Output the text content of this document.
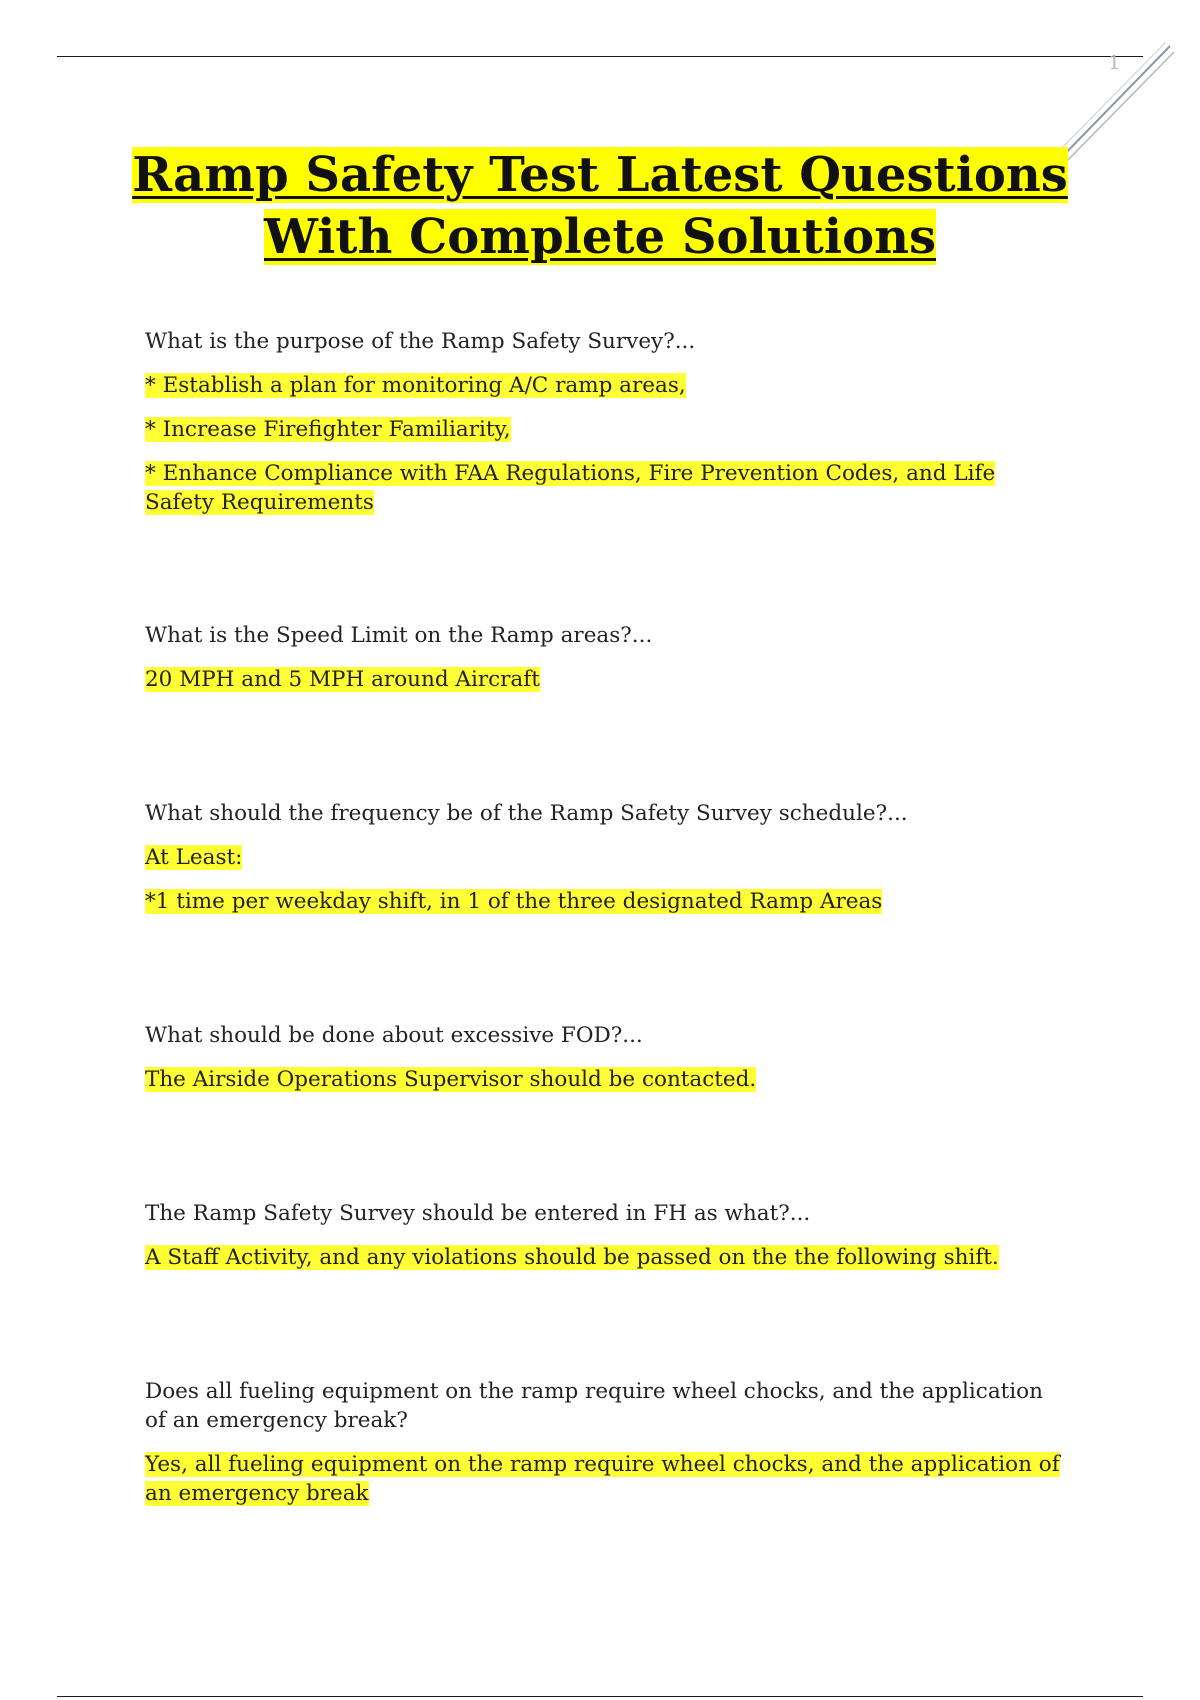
1
Ramp Safety Test Latest Questions
With Complete Solutions
What is the purpose of the Ramp Safety Survey?...
* Establish a plan for monitoring A/C ramp areas,
* Increase Firefighter Familiarity,
* Enhance Compliance with FAA Regulations, Fire Prevention Codes, and Life Safety Requirements
What is the Speed Limit on the Ramp areas?...
20 MPH and 5 MPH around Aircraft
What should the frequency be of the Ramp Safety Survey schedule?...
At Least:
*1 time per weekday shift, in 1 of the three designated Ramp Areas
What should be done about excessive FOD?...
The Airside Operations Supervisor should be contacted.
The Ramp Safety Survey should be entered in FH as what?...
A Staff Activity, and any violations should be passed on the the following shift.
Does all fueling equipment on the ramp require wheel chocks, and the application of an emergency break?
Yes, all fueling equipment on the ramp require wheel chocks, and the application of an emergency break
